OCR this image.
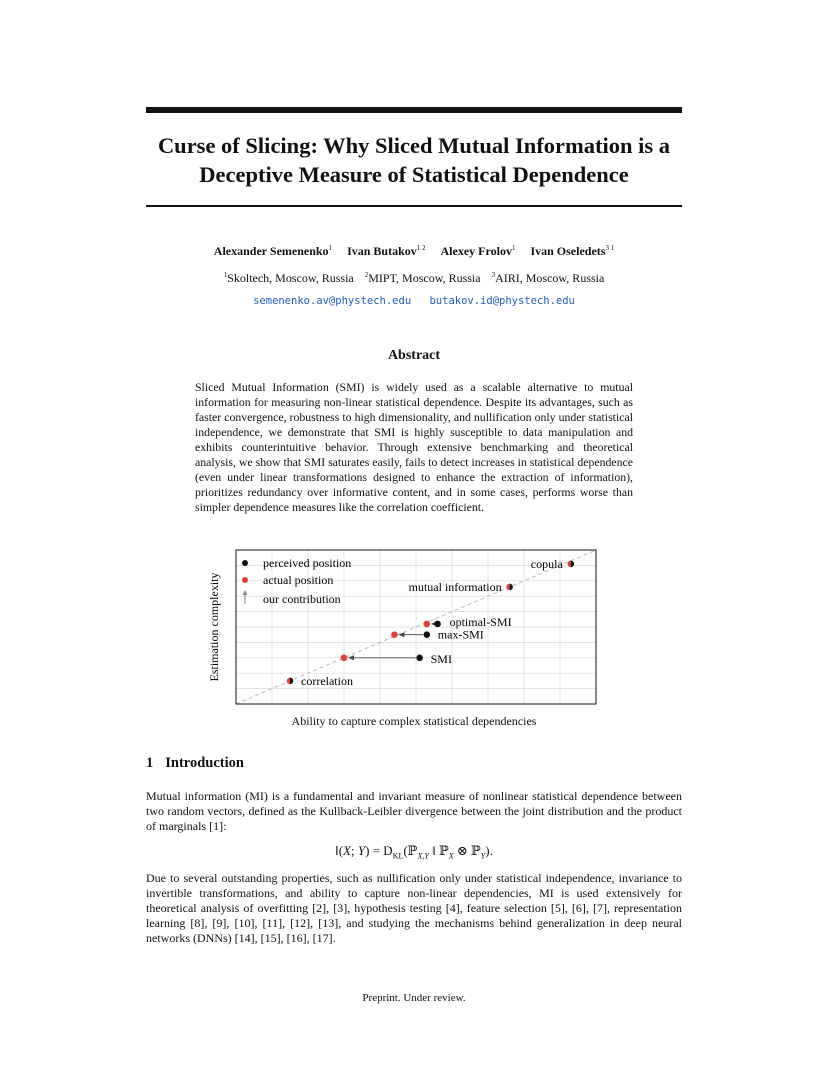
Curse of Slicing: Why Sliced Mutual Information is a Deceptive Measure of Statistical Dependence
Alexander Semenenko$^1$ Ivan Butakov$^{1 2}$ Alexey Frolov$^1$ Ivan Oseledets$^{3 1}$
$^1$Skoltech, Moscow, Russia $^2$MIPT, Moscow, Russia $^3$AIRI, Moscow, Russia
semenenko.av@phystech.edu butakov.id@phystech.edu
Abstract
Sliced Mutual Information (SMI) is widely used as a scalable alternative to mutual information for measuring non-linear statistical dependence. Despite its advantages, such as faster convergence, robustness to high dimensionality, and nullification only under statistical independence, we demonstrate that SMI is highly susceptible to data manipulation and exhibits counterintuitive behavior. Through extensive benchmarking and theoretical analysis, we show that SMI saturates easily, fails to detect increases in statistical dependence (even under linear transformations designed to enhance the extraction of information), prioritizes redundancy over informative content, and in some cases, performs worse than simpler dependence measures like the correlation coefficient.
Estimation complexity
perceived position
actual position
our contribution
correlation
SMI
max-SMI
optimal-SMI
mutual information
copula
Ability to capture complex statistical dependencies
1 Introduction
Mutual information (MI) is a fundamental and invariant measure of nonlinear statistical dependence between two random vectors, defined as the Kullback-Leibler divergence between the joint distribution and the product of marginals [1]:
I(X; $Y) = D_{KL}(ℙ_{X,Y}$ ‖ ℙ$_X$ ⊗ ℙ$_Y$).
Due to several outstanding properties, such as nullification only under statistical independence, invariance to invertible transformations, and ability to capture non-linear dependencies, MI is used extensively for theoretical analysis of overfitting [2], [3], hypothesis testing [4], feature selection [5], [6], [7], representation learning [8], [9], [10], [11], [12], [13], and studying the mechanisms behind generalization in deep neural networks (DNNs) [14], [15], [16], [17].
Preprint. Under review.
